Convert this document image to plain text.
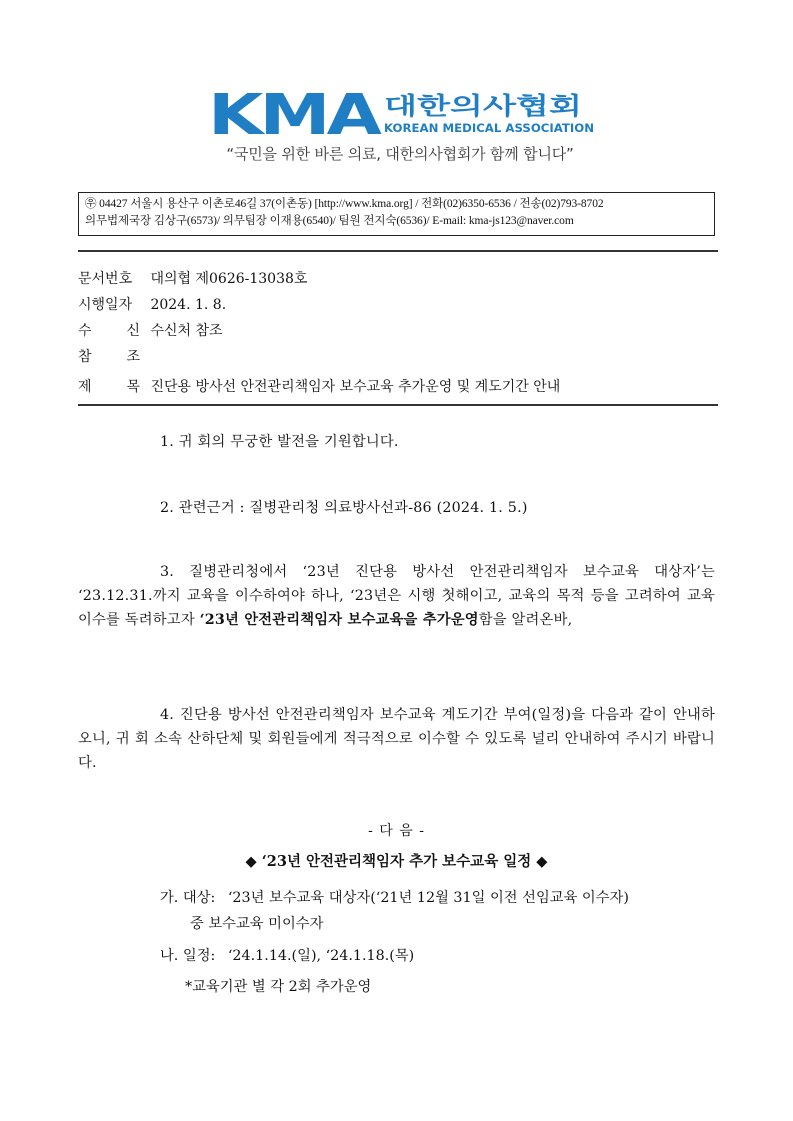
KMA 대한의사협회
KOREAN MEDICAL ASSOCIATION
“국민을 위한 바른 의료, 대한의사협회가 함께 합니다”
㉾ 04427 서울시 용산구 이촌로46길 37(이촌동) [http://www.kma.org] / 전화(02)6350-6536 / 전송(02)793-8702
의무법제국장 김상구(6573)/ 의무팀장 이재용(6540)/ 팀원 전지숙(6536)/ E-mail: kma-js123@naver.com
문서번호 대의협 제0626-13038호
시행일자 2024. 1. 8.
수 신 수신처 참조
참 조
제 목 진단용 방사선 안전관리책임자 보수교육 추가운영 및 계도기간 안내
1. 귀 회의 무궁한 발전을 기원합니다.
2. 관련근거 : 질병관리청 의료방사선과-86 (2024. 1. 5.)
3. 질병관리청에서 ‘23년 진단용 방사선 안전관리책임자 보수교육 대상자’는 ‘23.12.31.까지 교육을 이수하여야 하나, ‘23년은 시행 첫해이고, 교육의 목적 등을 고려하여 교육 이수를 독려하고자 ‘23년 안전관리책임자 보수교육을 추가운영함을 알려온바,
4. 진단용 방사선 안전관리책임자 보수교육 계도기간 부여(일정)을 다음과 같이 안내하오니, 귀 회 소속 산하단체 및 회원들에게 적극적으로 이수할 수 있도록 널리 안내하여 주시기 바랍니다.
- 다 음 -
◆ ‘23년 안전관리책임자 추가 보수교육 일정 ◆
가. 대상: ‘23년 보수교육 대상자(‘21년 12월 31일 이전 선임교육 이수자)
중 보수교육 미이수자
나. 일정: ‘24.1.14.(일), ‘24.1.18.(목)
*교육기관 별 각 2회 추가운영
